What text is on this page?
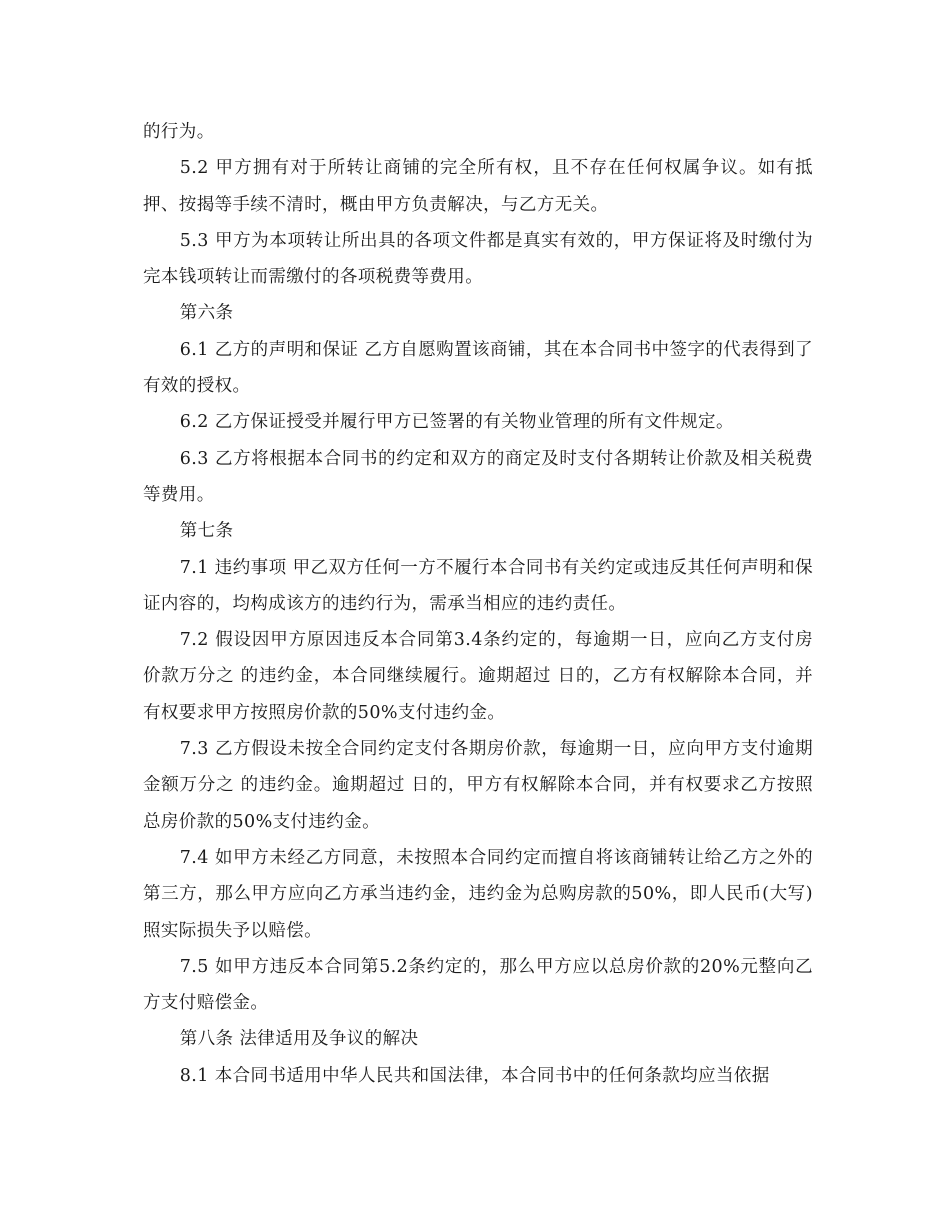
的行为。

5.2 甲方拥有对于所转让商铺的完全所有权，且不存在任何权属争议。如有抵押、按揭等手续不清时，概由甲方负责解决，与乙方无关。

5.3 甲方为本项转让所出具的各项文件都是真实有效的，甲方保证将及时缴付为完本钱项转让而需缴付的各项税费等费用。

第六条

6.1 乙方的声明和保证 乙方自愿购置该商铺，其在本合同书中签字的代表得到了有效的授权。

6.2 乙方保证授受并履行甲方已签署的有关物业管理的所有文件规定。

6.3 乙方将根据本合同书的约定和双方的商定及时支付各期转让价款及相关税费等费用。

第七条

7.1 违约事项 甲乙双方任何一方不履行本合同书有关约定或违反其任何声明和保证内容的，均构成该方的违约行为，需承当相应的违约责任。

7.2 假设因甲方原因违反本合同第3.4条约定的，每逾期一日，应向乙方支付房价款万分之 的违约金，本合同继续履行。逾期超过 日的，乙方有权解除本合同，并有权要求甲方按照房价款的50%支付违约金。

7.3 乙方假设未按全合同约定支付各期房价款，每逾期一日，应向甲方支付逾期金额万分之 的违约金。逾期超过 日的，甲方有权解除本合同，并有权要求乙方按照总房价款的50%支付违约金。

7.4 如甲方未经乙方同意，未按照本合同约定而擅自将该商铺转让给乙方之外的第三方，那么甲方应向乙方承当违约金，违约金为总购房款的50%，即人民币(大写)照实际损失予以赔偿。

7.5 如甲方违反本合同第5.2条约定的，那么甲方应以总房价款的20%元整向乙方支付赔偿金。

第八条 法律适用及争议的解决

8.1 本合同书适用中华人民共和国法律，本合同书中的任何条款均应当依据
